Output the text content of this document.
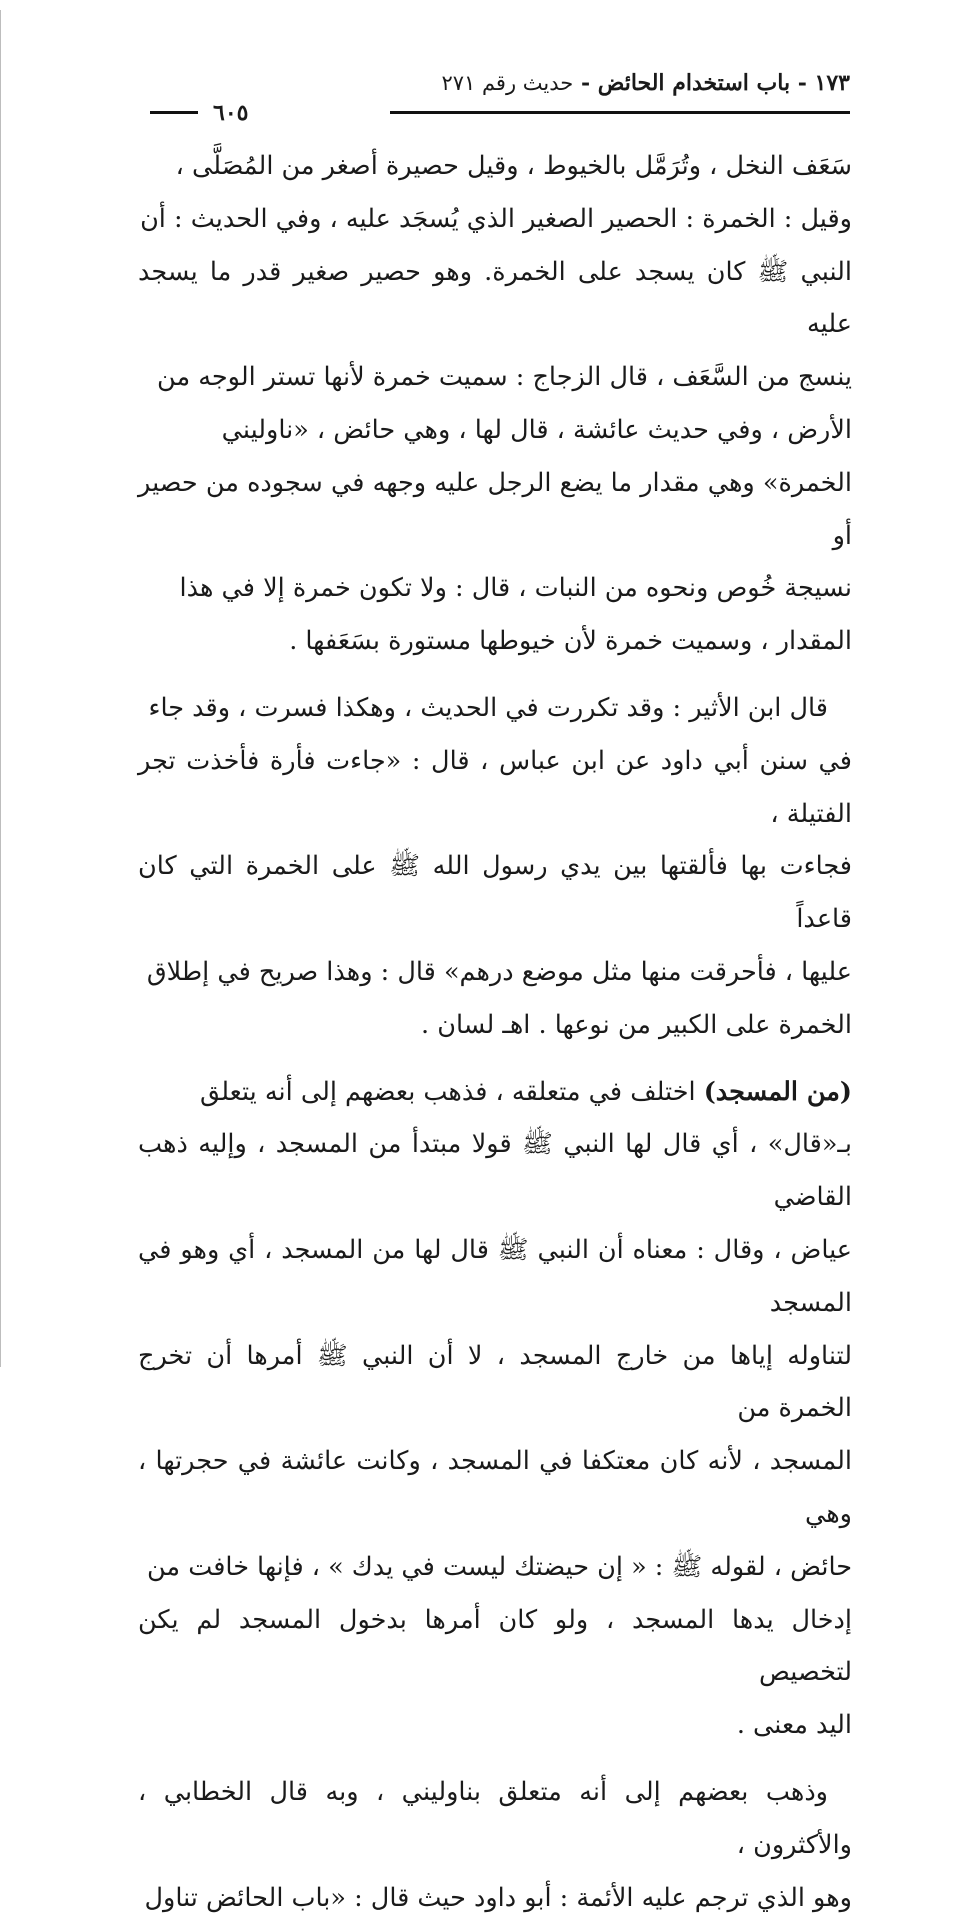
١٧٣ - باب استخدام الحائض - حديث رقم ٢٧١
٦٠٥

سَعَف النخل ، وتُرَمَّل بالخيوط ، وقيل حصيرة أصغر من المُصَلَّى ،
وقيل : الخمرة : الحصير الصغير الذي يُسجَد عليه ، وفي الحديث : أن
النبي ﷺ كان يسجد على الخمرة. وهو حصير صغير قدر ما يسجد عليه
ينسج من السَّعَف ، قال الزجاج : سميت خمرة لأنها تستر الوجه من
الأرض ، وفي حديث عائشة ، قال لها ، وهي حائض ، «ناوليني
الخمرة» وهي مقدار ما يضع الرجل عليه وجهه في سجوده من حصير أو
نسيجة خُوص ونحوه من النبات ، قال : ولا تكون خمرة إلا في هذا
المقدار ، وسميت خمرة لأن خيوطها مستورة بسَعَفها .

قال ابن الأثير : وقد تكررت في الحديث ، وهكذا فسرت ، وقد جاء
في سنن أبي داود عن ابن عباس ، قال : «جاءت فأرة فأخذت تجر الفتيلة ،
فجاءت بها فألقتها بين يدي رسول الله ﷺ على الخمرة التي كان قاعداً
عليها ، فأحرقت منها مثل موضع درهم» قال : وهذا صريح في إطلاق
الخمرة على الكبير من نوعها . اهـ لسان .

(من المسجد) اختلف في متعلقه ، فذهب بعضهم إلى أنه يتعلق
بـ«قال» ، أي قال لها النبي ﷺ قولا مبتدأ من المسجد ، وإليه ذهب القاضي
عياض ، وقال : معناه أن النبي ﷺ قال لها من المسجد ، أي وهو في المسجد
لتناوله إياها من خارج المسجد ، لا أن النبي ﷺ أمرها أن تخرج الخمرة من
المسجد ، لأنه كان معتكفا في المسجد ، وكانت عائشة في حجرتها ، وهي
حائض ، لقوله ﷺ : « إن حيضتك ليست في يدك » ، فإنها خافت من
إدخال يدها المسجد ، ولو كان أمرها بدخول المسجد لم يكن لتخصيص
اليد معنى .

وذهب بعضهم إلى أنه متعلق بناوليني ، وبه قال الخطابي ، والأكثرون ،
وهو الذي ترجم عليه الأئمة : أبو داود حيث قال : «باب الحائض تناول
